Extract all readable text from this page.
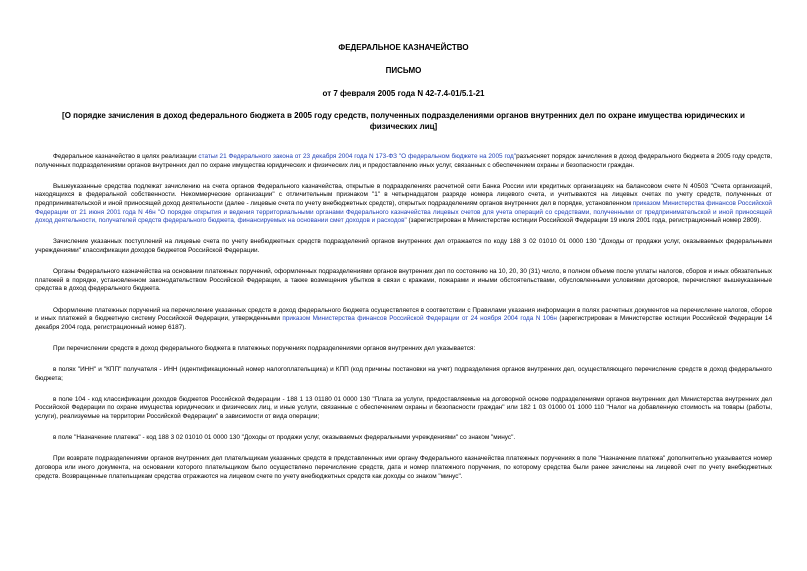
ФЕДЕРАЛЬНОЕ КАЗНАЧЕЙСТВО
ПИСЬМО
от 7 февраля 2005 года N 42-7.4-01/5.1-21
[О порядке зачисления в доход федерального бюджета в 2005 году средств, полученных подразделениями органов внутренних дел по охране имущества юридических и физических лиц]

Федеральное казначейство в целях реализации статьи 21 Федерального закона от 23 декабря 2004 года N 173-ФЗ "О федеральном бюджете на 2005 год"разъясняет порядок зачисления в доход федерального бюджета в 2005 году средств, полученных подразделениями органов внутренних дел по охране имущества юридических и физических лиц и предоставлению иных услуг, связанных с обеспечением охраны и безопасности граждан.

Вышеуказанные средства подлежат зачислению на счета органов Федерального казначейства, открытые в подразделениях расчетной сети Банка России или кредитных организациях на балансовом счете N 40503 "Счета организаций, находящихся в федеральной собственности. Некоммерческие организации" с отличительным признаком "1" в четырнадцатом разряде номера лицевого счета, и учитываются на лицевых счетах по учету средств, полученных от предпринимательской и иной приносящей доход деятельности (далее - лицевые счета по учету внебюджетных средств), открытых подразделениям органов внутренних дел в порядке, установленном приказом Министерства финансов Российской Федерации от 21 июня 2001 года N 46н "О порядке открытия и ведения территориальными органами Федерального казначейства лицевых счетов для учета операций со средствами, полученными от предпринимательской и иной приносящей доход деятельности, получателей средств федерального бюджета, финансируемых на основании смет доходов и расходов" (зарегистрирован в Министерстве юстиции Российской Федерации 19 июля 2001 года, регистрационный номер 2809).

Зачисление указанных поступлений на лицевые счета по учету внебюджетных средств подразделений органов внутренних дел отражается по коду 188 3 02 01010 01 0000 130 "Доходы от продажи услуг, оказываемых федеральными учреждениями" классификации доходов бюджетов Российской Федерации.

Органы Федерального казначейства на основании платежных поручений, оформленных подразделениями органов внутренних дел по состоянию на 10, 20, 30 (31) число, в полном объеме после уплаты налогов, сборов и иных обязательных платежей в порядке, установленном законодательством Российской Федерации, а также возмещения убытков в связи с кражами, пожарами и иными обстоятельствами, обусловленными условиями договоров, перечисляют вышеуказанные средства в доход федерального бюджета.

Оформление платежных поручений на перечисление указанных средств в доход федерального бюджета осуществляется в соответствии с Правилами указания информации в полях расчетных документов на перечисление налогов, сборов и иных платежей в бюджетную систему Российской Федерации, утвержденными приказом Министерства финансов Российской Федерации от 24 ноября 2004 года N 106н (зарегистрирован в Министерстве юстиции Российской Федерации 14 декабря 2004 года, регистрационный номер 6187).

При перечислении средств в доход федерального бюджета в платежных поручениях подразделениями органов внутренних дел указывается:

в полях "ИНН" и "КПП" получателя - ИНН (идентификационный номер налогоплательщика) и КПП (код причины постановки на учет) подразделения органов внутренних дел, осуществляющего перечисление средств в доход федерального бюджета;

в поле 104 - код классификации доходов бюджетов Российской Федерации - 188 1 13 01180 01 0000 130 "Плата за услуги, предоставляемые на договорной основе подразделениями органов внутренних дел Министерства внутренних дел Российской Федерации по охране имущества юридических и физических лиц, и иные услуги, связанные с обеспечением охраны и безопасности граждан" или 182 1 03 01000 01 1000 110 "Налог на добавленную стоимость на товары (работы, услуги), реализуемые на территории Российской Федерации" в зависимости от вида операции;

в поле "Назначение платежа" - код 188 3 02 01010 01 0000 130 "Доходы от продажи услуг, оказываемых федеральными учреждениями" со знаком "минус".

При возврате подразделениями органов внутренних дел плательщикам указанных средств в представленных ими органу Федерального казначейства платежных поручениях в поле "Назначение платежа" дополнительно указывается номер договора или иного документа, на основании которого плательщиком было осуществлено перечисление средств, дата и номер платежного поручения, по которому средства были ранее зачислены на лицевой счет по учету внебюджетных средств. Возвращенные плательщикам средства отражаются на лицевом счете по учету внебюджетных средств как доходы со знаком "минус".
